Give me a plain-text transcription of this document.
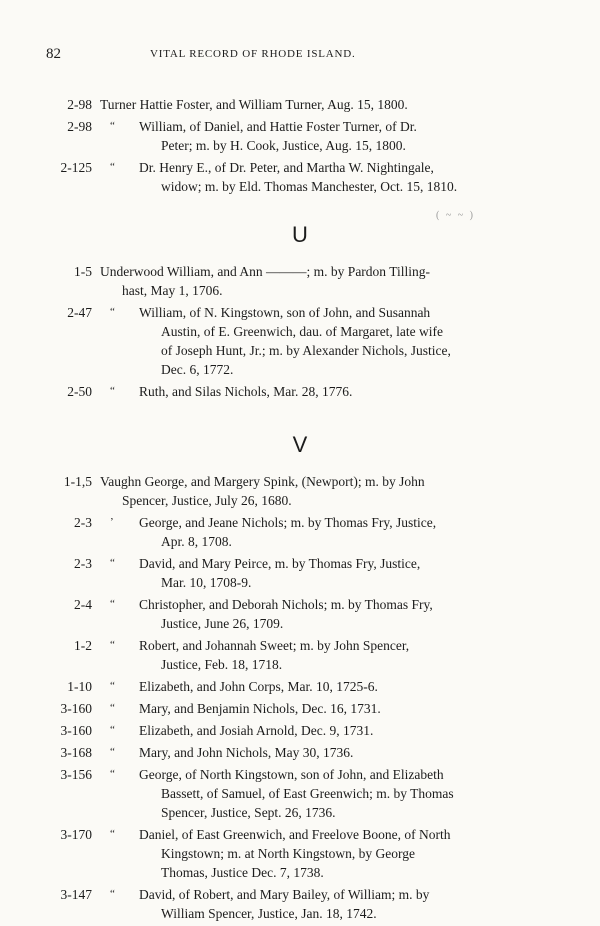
82	VITAL RECORD OF RHODE ISLAND.
2-98 Turner Hattie Foster, and William Turner, Aug. 15, 1800.
2-98 “	William, of Daniel, and Hattie Foster Turner, of Dr.
Peter; m. by H. Cook, Justice, Aug. 15, 1800.
2-125 “	Dr. Henry E., of Dr. Peter, and Martha W. Nightingale,
widow; m. by Eld. Thomas Manchester, Oct. 15, 1810.
( ~ ~ )
U
1-5 Underwood William, and Ann ———; m. by Pardon Tilling-
hast, May 1, 1706.
2-47 “	William, of N. Kingstown, son of John, and Susannah
Austin, of E. Greenwich, dau. of Margaret, late wife
of Joseph Hunt, Jr.; m. by Alexander Nichols, Justice,
Dec. 6, 1772.
2-50 “	Ruth, and Silas Nichols, Mar. 28, 1776.
V
1-1,5 Vaughn George, and Margery Spink, (Newport); m. by John
Spencer, Justice, July 26, 1680.
2-3 ’	George, and Jeane Nichols; m. by Thomas Fry, Justice,
Apr. 8, 1708.
2-3 “	David, and Mary Peirce, m. by Thomas Fry, Justice,
Mar. 10, 1708-9.
2-4 “	Christopher, and Deborah Nichols; m. by Thomas Fry,
Justice, June 26, 1709.
1-2 “	Robert, and Johannah Sweet; m. by John Spencer,
Justice, Feb. 18, 1718.
1-10 “	Elizabeth, and John Corps, Mar. 10, 1725-6.
3-160 “	Mary, and Benjamin Nichols, Dec. 16, 1731.
3-160 “	Elizabeth, and Josiah Arnold, Dec. 9, 1731.
3-168 “	Mary, and John Nichols, May 30, 1736.
3-156 “	George, of North Kingstown, son of John, and Elizabeth
Bassett, of Samuel, of East Greenwich; m. by Thomas
Spencer, Justice, Sept. 26, 1736.
3-170 “	Daniel, of East Greenwich, and Freelove Boone, of North
Kingstown; m. at North Kingstown, by George
Thomas, Justice Dec. 7, 1738.
3-147 “	David, of Robert, and Mary Bailey, of William; m. by
William Spencer, Justice, Jan. 18, 1742.
